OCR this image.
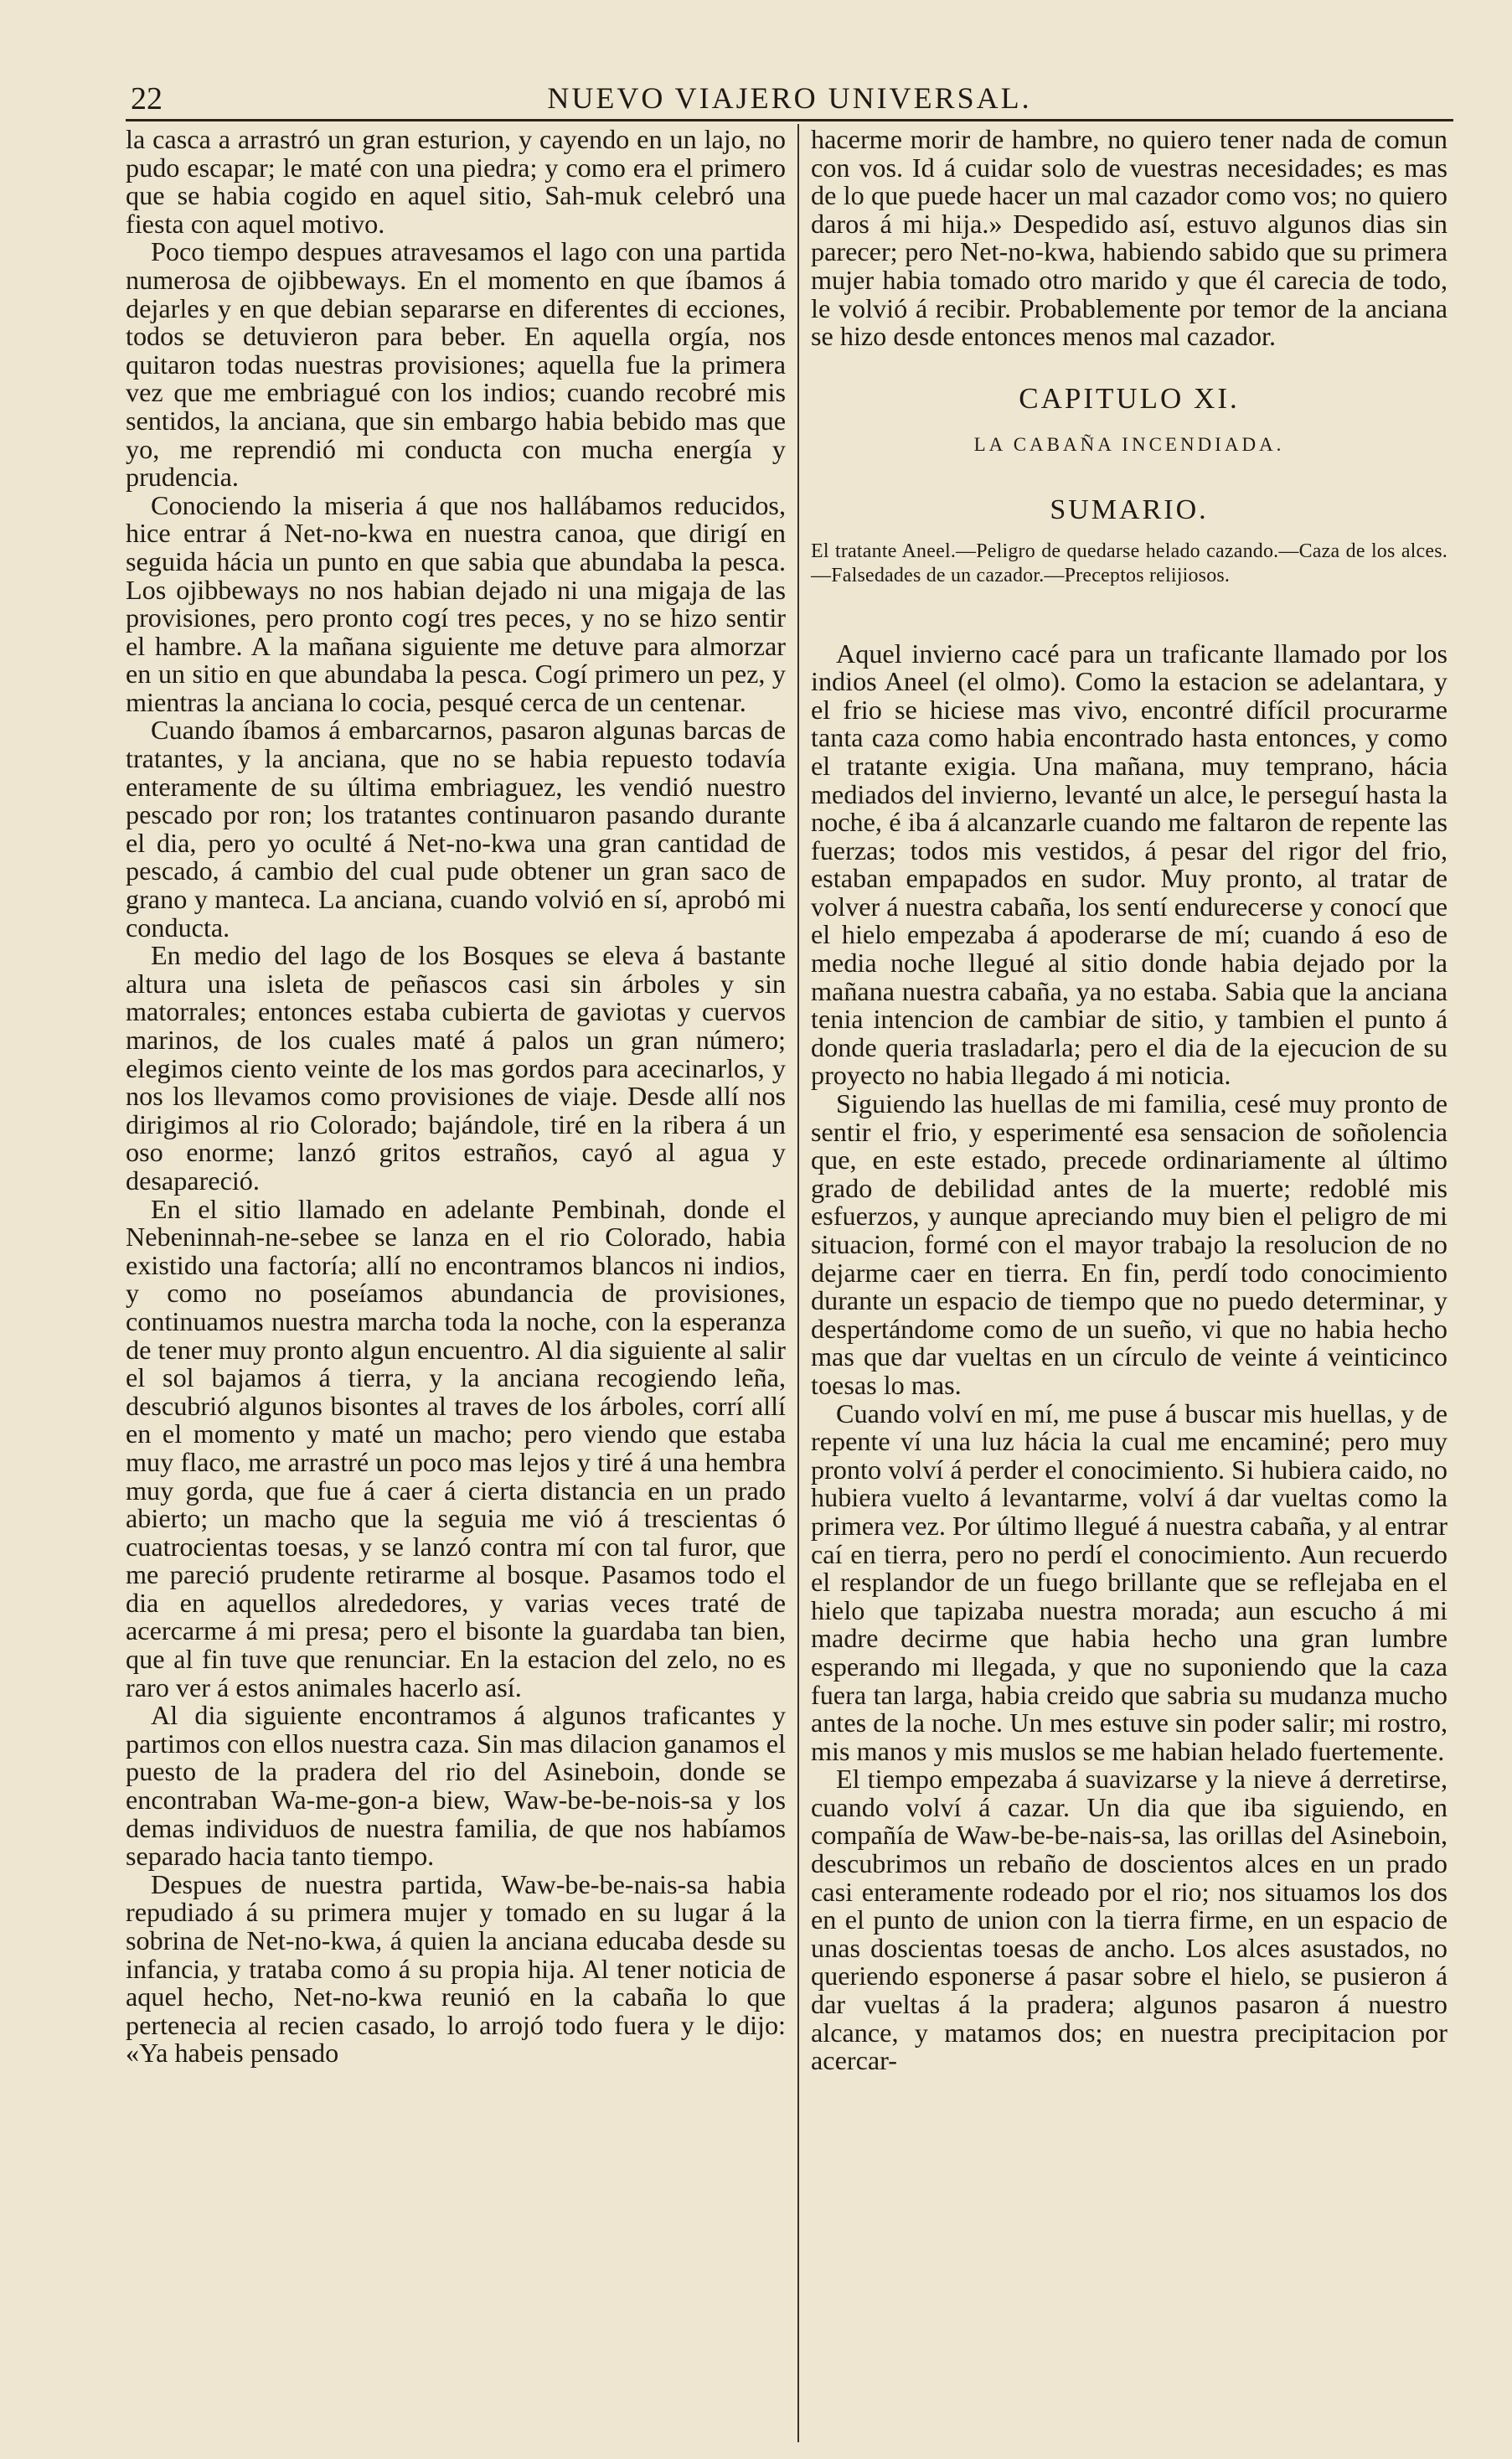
22	NUEVO VIAJERO UNIVERSAL.

la casca a arrastró un gran esturion, y cayendo en un lajo, no pudo escapar; le maté con una piedra; y como era el primero que se habia cogido en aquel sitio, Sah-muk celebró una fiesta con aquel motivo.

Poco tiempo despues atravesamos el lago con una partida numerosa de ojibbeways. En el momento en que íbamos á dejarles y en que debian separarse en diferentes di ecciones, todos se detuvieron para beber. En aquella orgía, nos quitaron todas nuestras provisiones; aquella fue la primera vez que me embriagué con los indios; cuando recobré mis sentidos, la anciana, que sin embargo habia bebido mas que yo, me reprendió mi conducta con mucha energía y prudencia.

Conociendo la miseria á que nos hallábamos reducidos, hice entrar á Net-no-kwa en nuestra canoa, que dirigí en seguida hácia un punto en que sabia que abundaba la pesca. Los ojibbeways no nos habian dejado ni una migaja de las provisiones, pero pronto cogí tres peces, y no se hizo sentir el hambre. A la mañana siguiente me detuve para almorzar en un sitio en que abundaba la pesca. Cogí primero un pez, y mientras la anciana lo cocia, pesqué cerca de un centenar.

Cuando íbamos á embarcarnos, pasaron algunas barcas de tratantes, y la anciana, que no se habia repuesto todavía enteramente de su última embriaguez, les vendió nuestro pescado por ron; los tratantes continuaron pasando durante el dia, pero yo oculté á Net-no-kwa una gran cantidad de pescado, á cambio del cual pude obtener un gran saco de grano y manteca. La anciana, cuando volvió en sí, aprobó mi conducta.

En medio del lago de los Bosques se eleva á bastante altura una isleta de peñascos casi sin árboles y sin matorrales; entonces estaba cubierta de gaviotas y cuervos marinos, de los cuales maté á palos un gran número; elegimos ciento veinte de los mas gordos para acecinarlos, y nos los llevamos como provisiones de viaje. Desde allí nos dirigimos al rio Colorado; bajándole, tiré en la ribera á un oso enorme; lanzó gritos estraños, cayó al agua y desapareció.

En el sitio llamado en adelante Pembinah, donde el Nebeninnah-ne-sebee se lanza en el rio Colorado, habia existido una factoría; allí no encontramos blancos ni indios, y como no poseíamos abundancia de provisiones, continuamos nuestra marcha toda la noche, con la esperanza de tener muy pronto algun encuentro. Al dia siguiente al salir el sol bajamos á tierra, y la anciana recogiendo leña, descubrió algunos bisontes al traves de los árboles, corrí allí en el momento y maté un macho; pero viendo que estaba muy flaco, me arrastré un poco mas lejos y tiré á una hembra muy gorda, que fue á caer á cierta distancia en un prado abierto; un macho que la seguia me vió á trescientas ó cuatrocientas toesas, y se lanzó contra mí con tal furor, que me pareció prudente retirarme al bosque. Pasamos todo el dia en aquellos alrededores, y varias veces traté de acercarme á mi presa; pero el bisonte la guardaba tan bien, que al fin tuve que renunciar. En la estacion del zelo, no es raro ver á estos animales hacerlo así.

Al dia siguiente encontramos á algunos traficantes y partimos con ellos nuestra caza. Sin mas dilacion ganamos el puesto de la pradera del rio del Asineboin, donde se encontraban Wa-me-gon-a biew, Waw-be-be-nois-sa y los demas individuos de nuestra familia, de que nos habíamos separado hacia tanto tiempo.

Despues de nuestra partida, Waw-be-be-nais-sa habia repudiado á su primera mujer y tomado en su lugar á la sobrina de Net-no-kwa, á quien la anciana educaba desde su infancia, y trataba como á su propia hija. Al tener noticia de aquel hecho, Net-no-kwa reunió en la cabaña lo que pertenecia al recien casado, lo arrojó todo fuera y le dijo: «Ya habeis pensado

hacerme morir de hambre, no quiero tener nada de comun con vos. Id á cuidar solo de vuestras necesidades; es mas de lo que puede hacer un mal cazador como vos; no quiero daros á mi hija.» Despedido así, estuvo algunos dias sin parecer; pero Net-no-kwa, habiendo sabido que su primera mujer habia tomado otro marido y que él carecia de todo, le volvió á recibir. Probablemente por temor de la anciana se hizo desde entonces menos mal cazador.

CAPITULO XI.
LA CABAÑA INCENDIADA.
SUMARIO.
El tratante Aneel.—Peligro de quedarse helado cazando.—Caza de los alces.—Falsedades de un cazador.—Preceptos relijiosos.

Aquel invierno cacé para un traficante llamado por los indios Aneel (el olmo). Como la estacion se adelantara, y el frio se hiciese mas vivo, encontré difícil procurarme tanta caza como habia encontrado hasta entonces, y como el tratante exigia. Una mañana, muy temprano, hácia mediados del invierno, levanté un alce, le perseguí hasta la noche, é iba á alcanzarle cuando me faltaron de repente las fuerzas; todos mis vestidos, á pesar del rigor del frio, estaban empapados en sudor. Muy pronto, al tratar de volver á nuestra cabaña, los sentí endurecerse y conocí que el hielo empezaba á apoderarse de mí; cuando á eso de media noche llegué al sitio donde habia dejado por la mañana nuestra cabaña, ya no estaba. Sabia que la anciana tenia intencion de cambiar de sitio, y tambien el punto á donde queria trasladarla; pero el dia de la ejecucion de su proyecto no habia llegado á mi noticia.

Siguiendo las huellas de mi familia, cesé muy pronto de sentir el frio, y esperimenté esa sensacion de soñolencia que, en este estado, precede ordinariamente al último grado de debilidad antes de la muerte; redoblé mis esfuerzos, y aunque apreciando muy bien el peligro de mi situacion, formé con el mayor trabajo la resolucion de no dejarme caer en tierra. En fin, perdí todo conocimiento durante un espacio de tiempo que no puedo determinar, y despertándome como de un sueño, vi que no habia hecho mas que dar vueltas en un círculo de veinte á veinticinco toesas lo mas.

Cuando volví en mí, me puse á buscar mis huellas, y de repente ví una luz hácia la cual me encaminé; pero muy pronto volví á perder el conocimiento. Si hubiera caido, no hubiera vuelto á levantarme, volví á dar vueltas como la primera vez. Por último llegué á nuestra cabaña, y al entrar caí en tierra, pero no perdí el conocimiento. Aun recuerdo el resplandor de un fuego brillante que se reflejaba en el hielo que tapizaba nuestra morada; aun escucho á mi madre decirme que habia hecho una gran lumbre esperando mi llegada, y que no suponiendo que la caza fuera tan larga, habia creido que sabria su mudanza mucho antes de la noche. Un mes estuve sin poder salir; mi rostro, mis manos y mis muslos se me habian helado fuertemente.

El tiempo empezaba á suavizarse y la nieve á derretirse, cuando volví á cazar. Un dia que iba siguiendo, en compañía de Waw-be-be-nais-sa, las orillas del Asineboin, descubrimos un rebaño de doscientos alces en un prado casi enteramente rodeado por el rio; nos situamos los dos en el punto de union con la tierra firme, en un espacio de unas doscientas toesas de ancho. Los alces asustados, no queriendo esponerse á pasar sobre el hielo, se pusieron á dar vueltas á la pradera; algunos pasaron á nuestro alcance, y matamos dos; en nuestra precipitacion por acercar-
